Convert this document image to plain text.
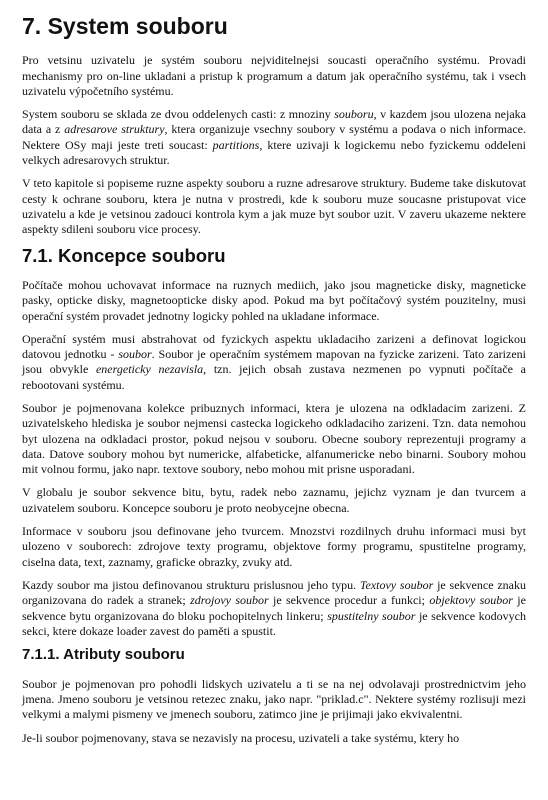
7. System souboru

Pro vetsinu uzivatelu je systém souboru nejviditelnejsi soucasti operačního systému. Provadi mechanismy pro on-line ukladani a pristup k programum a datum jak operačního systému, tak i vsech uzivatelu výpočetního systému.

System souboru se sklada ze dvou oddelenych casti: z mnoziny souboru, v kazdem jsou ulozena nejaka data a z adresarove struktury, ktera organizuje vsechny soubory v systému a podava o nich informace. Nektere OSy maji jeste treti soucast: partitions, ktere uzivaji k logickemu nebo fyzickemu oddeleni velkych adresarovych struktur.

V teto kapitole si popiseme ruzne aspekty souboru a ruzne adresarove struktury. Budeme take diskutovat cesty k ochrane souboru, ktera je nutna v prostredi, kde k souboru muze soucasne pristupovat vice uzivatelu a kde je vetsinou zadouci kontrola kym a jak muze byt soubor uzit. V zaveru ukazeme nektere aspekty sdileni souboru vice procesy.

7.1. Koncepce souboru

Počítače mohou uchovavat informace na ruznych mediich, jako jsou magneticke disky, magneticke pasky, opticke disky, magnetoopticke disky apod. Pokud ma byt počítačový systém pouzitelny, musi operační systém provadet jednotny logicky pohled na ukladane informace.

Operační systém musi abstrahovat od fyzickych aspektu ukladaciho zarizeni a definovat logickou datovou jednotku - soubor. Soubor je operačním systémem mapovan na fyzicke zarizeni. Tato zarizeni jsou obvykle energeticky nezavisla, tzn. jejich obsah zustava nezmenen po vypnuti počítače a rebootovani systému.

Soubor je pojmenovana kolekce pribuznych informaci, ktera je ulozena na odkladacim zarizeni. Z uzivatelskeho hlediska je soubor nejmensi castecka logickeho odkladaciho zarizeni. Tzn. data nemohou byt ulozena na odkladaci prostor, pokud nejsou v souboru. Obecne soubory reprezentuji programy a data. Datove soubory mohou byt numericke, alfabeticke, alfanumericke nebo binarni. Soubory mohou mit volnou formu, jako napr. textove soubory, nebo mohou mit prisne usporadani.

V globalu je soubor sekvence bitu, bytu, radek nebo zaznamu, jejichz vyznam je dan tvurcem a uzivatelem souboru. Koncepce souboru je proto neobycejne obecna.

Informace v souboru jsou definovane jeho tvurcem. Mnozstvi rozdilnych druhu informaci musi byt ulozeno v souborech: zdrojove texty programu, objektove formy programu, spustitelne programy, ciselna data, text, zaznamy, graficke obrazky, zvuky atd.

Kazdy soubor ma jistou definovanou strukturu prislusnou jeho typu. Textovy soubor je sekvence znaku organizovana do radek a stranek; zdrojovy soubor je sekvence procedur a funkci; objektovy soubor je sekvence bytu organizovana do bloku pochopitelnych linkeru; spustitelny soubor je sekvence kodovych sekci, ktere dokaze loader zavest do paměti a spustit.

7.1.1. Atributy souboru

Soubor je pojmenovan pro pohodli lidskych uzivatelu a ti se na nej odvolavaji prostrednictvim jeho jmena. Jmeno souboru je vetsinou retezec znaku, jako napr. "priklad.c". Nektere systémy rozlisuji mezi velkymi a malymi pismeny ve jmenech souboru, zatimco jine je prijimaji jako ekvivalentni.

Je-li soubor pojmenovany, stava se nezavisly na procesu, uzivateli a take systému, ktery ho
